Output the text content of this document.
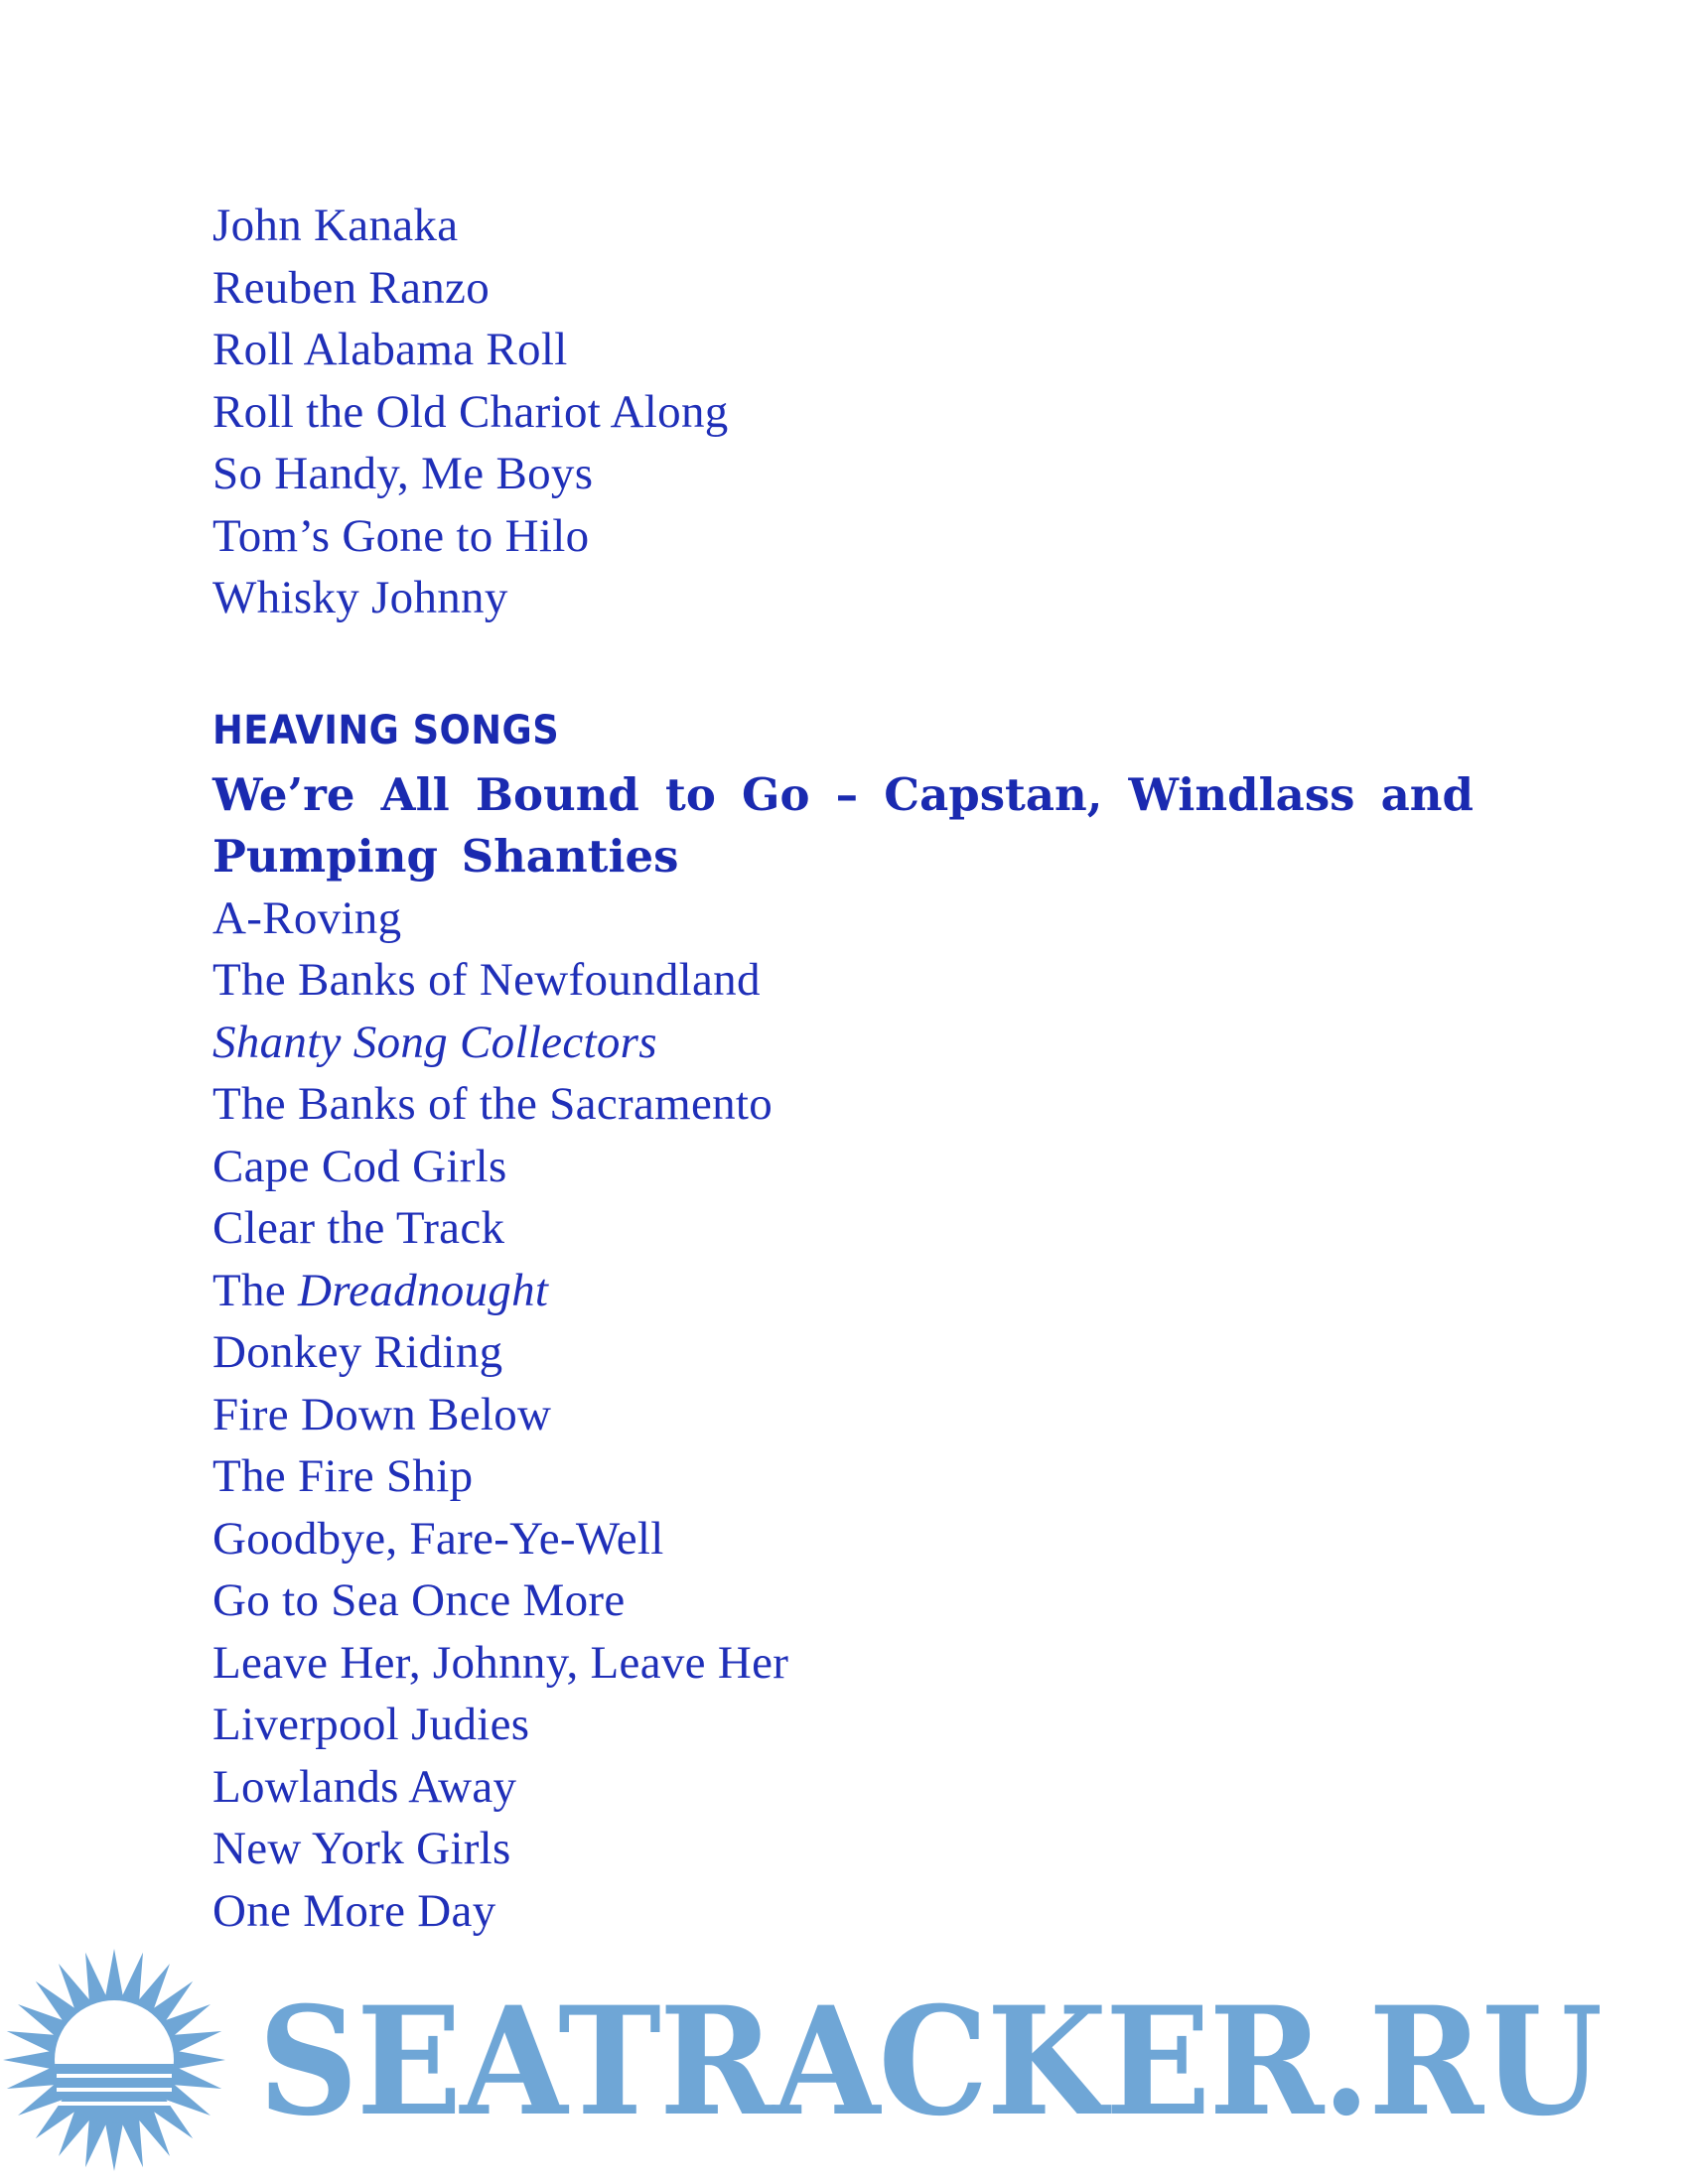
John Kanaka
Reuben Ranzo
Roll Alabama Roll
Roll the Old Chariot Along
So Handy, Me Boys
Tom’s Gone to Hilo
Whisky Johnny
HEAVING SONGS
We’re All Bound to Go – Capstan, Windlass and Pumping Shanties
A-Roving
The Banks of Newfoundland
Shanty Song Collectors
The Banks of the Sacramento
Cape Cod Girls
Clear the Track
The Dreadnought
Donkey Riding
Fire Down Below
The Fire Ship
Goodbye, Fare-Ye-Well
Go to Sea Once More
Leave Her, Johnny, Leave Her
Liverpool Judies
Lowlands Away
New York Girls
One More Day
SEATRACKER.RU
